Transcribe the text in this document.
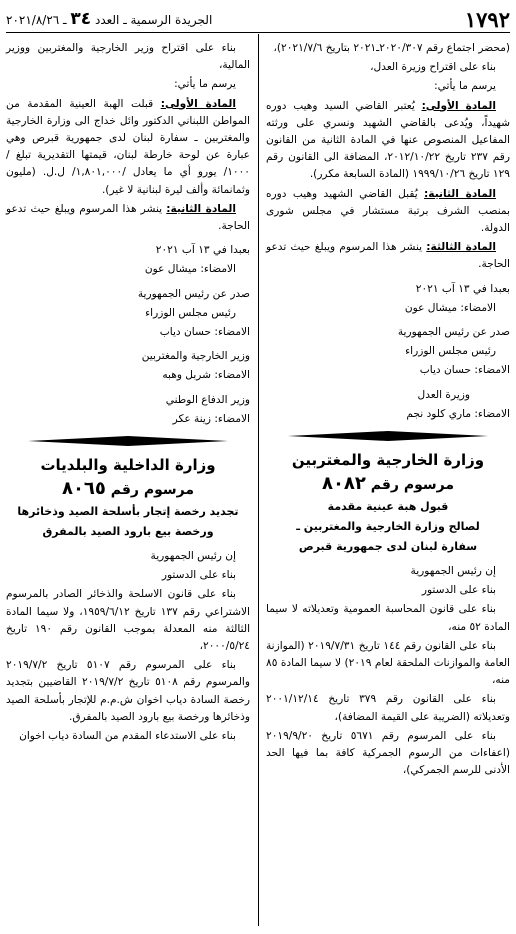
١٧٩٢
الجريدة الرسمية ـ العدد ٣٤ ـ ٢٠٢١/٨/٢٦

(محضر اجتماع رقم ٢٠٢٠/٣٠٧ـ٢٠٢١ بتاريخ ٢٠٢١/٧/٦)،

بناء على اقتراح وزيرة العدل،

يرسم ما يأتي:

المادة الأولى: يُعتبر القاضي السيد وهيب دوره شهيداً، ويُدعى بالقاضي الشهيد ونسري على ورثته المفاعيل المنصوص عنها في المادة الثانية من القانون رقم ٢٣٧ تاريخ ٢٠١٢/١٠/٢٢، المضافة الى القانون رقم ١٢٩ تاريخ ١٩٩٩/١٠/٢٦ (المادة السابعة مكرر).

المادة الثانية: يُقبل القاضي الشهيد وهيب دوره بمنصب الشرف برتبة مستشار في مجلس شورى الدولة.

المادة الثالثة: ينشر هذا المرسوم ويبلغ حيث تدعو الحاجة.

بعبدا في ١٣ آب ٢٠٢١

الامضاء: ميشال عون

صدر عن رئيس الجمهورية

رئيس مجلس الوزراء

الامضاء: حسان دياب

وزيرة العدل

الامضاء: ماري كلود نجم

وزارة الخارجية والمغتربين

مرسوم رقم ٨٠٨٢

قبول هبة عينية مقدمة

لصالح وزارة الخارجية والمغتربين ـ

سفارة لبنان لدى جمهورية قبرص

إن رئيس الجمهورية

بناء على الدستور

بناء على قانون المحاسبة العمومية وتعديلاته لا سيما المادة ٥٢ منه،

بناء على القانون رقم ١٤٤ تاريخ ٢٠١٩/٧/٣١ (الموازنة العامة والموازنات الملحقة لعام ٢٠١٩) لا سيما المادة ٨٥ منه،

بناء على القانون رقم ٣٧٩ تاريخ ٢٠٠١/١٢/١٤ وتعديلاته (الضريبة على القيمة المضافة)،

بناء على المرسوم رقم ٥٦٧١ تاريخ ٢٠١٩/٩/٢٠ (اعفاءات من الرسوم الجمركية كافة بما فيها الحد الأدنى للرسم الجمركي)،

بناء على اقتراح وزير الخارجية والمغتربين ووزير المالية،

يرسم ما يأتي:

المادة الأولى: قبلت الهبة العينية المقدمة من المواطن اللبناني الدكتور وائل خداج الى وزارة الخارجية والمغتربين ـ سفارة لبنان لدى جمهورية قبرص وهي عبارة عن لوحة خارطة لبنان، قيمتها التقديرية تبلغ /١٠٠٠/ يورو أي ما يعادل /١,٨٠١,٠٠٠/ ل.ل. (مليون وثمانمائة وألف ليرة لبنانية لا غير).

المادة الثانية: ينشر هذا المرسوم ويبلغ حيث تدعو الحاجة.

بعبدا في ١٣ آب ٢٠٢١

الامضاء: ميشال عون

صدر عن رئيس الجمهورية

رئيس مجلس الوزراء

الامضاء: حسان دياب

وزير الخارجية والمغتربين

الامضاء: شربل وهبه

وزير الدفاع الوطني

الامضاء: زينة عكر

وزارة الداخلية والبلديات

مرسوم رقم ٨٠٦٥

تجديد رخصة إتجار بأسلحة الصيد وذخائرها

ورخصة بيع بارود الصيد بالمفرق

إن رئيس الجمهورية

بناء على الدستور

بناء على قانون الاسلحة والذخائر الصادر بالمرسوم الاشتراعي رقم ١٣٧ تاريخ ١٩٥٩/٦/١٢، ولا سيما المادة الثالثة منه المعدلة بموجب القانون رقم ١٩٠ تاريخ ٢٠٠٠/٥/٢٤،

بناء على المرسوم رقم ٥١٠٧ تاريخ ٢٠١٩/٧/٢ والمرسوم رقم ٥١٠٨ تاريخ ٢٠١٩/٧/٢ القاضيين بتجديد رخصة السادة دياب اخوان ش.م.م للإتجار بأسلحة الصيد وذخائرها ورخصة بيع بارود الصيد بالمفرق.

بناء على الاستدعاء المقدم من السادة دياب اخوان
